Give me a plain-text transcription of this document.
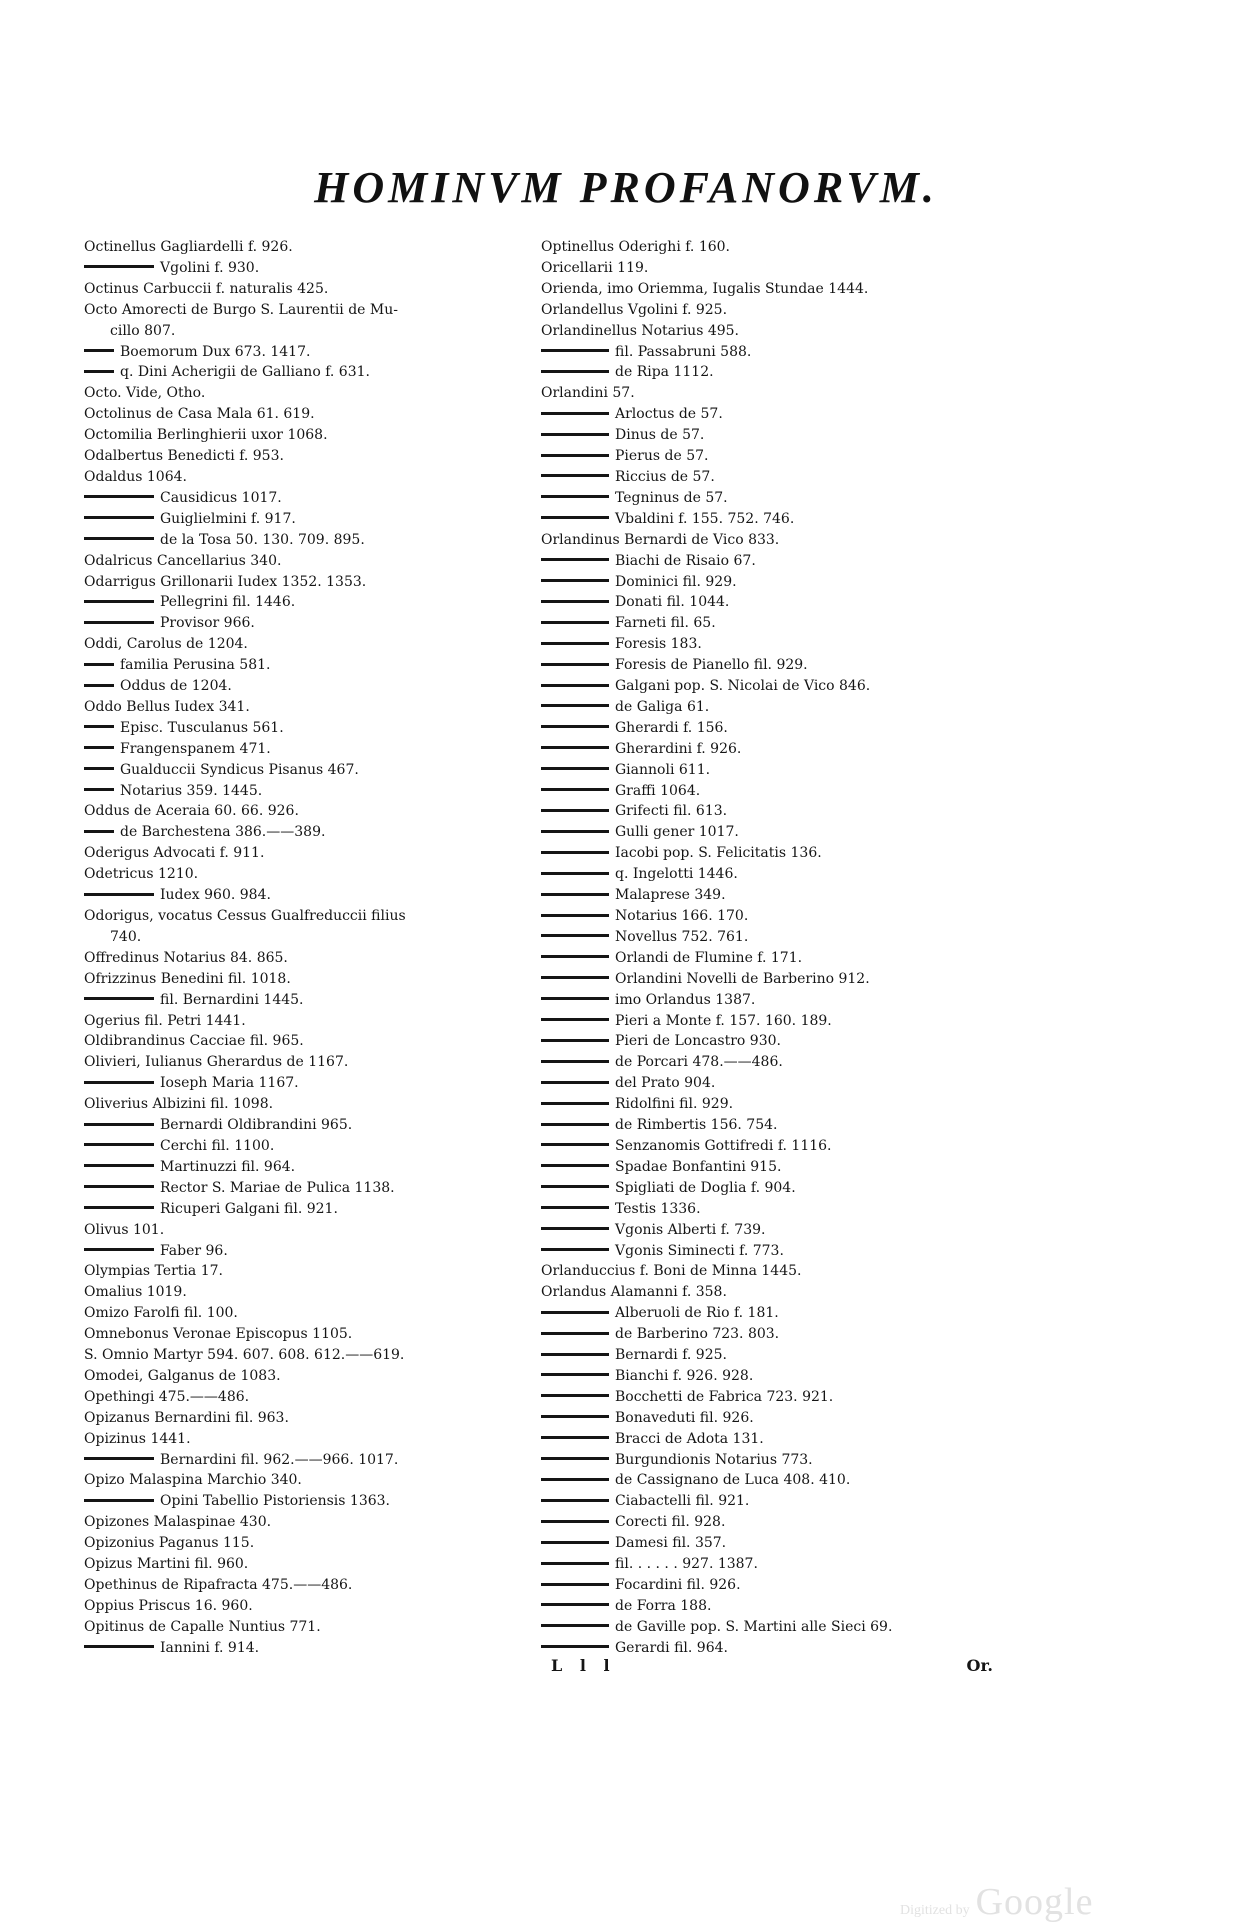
HOMINVM PROFANORVM.
Octinellus Gagliardelli f. 926.
Vgolini f. 930.
Octinus Carbuccii f. naturalis 425.
Octo Amorecti de Burgo S. Laurentii de Mu-
cillo 807.
Boemorum Dux 673. 1417.
q. Dini Acherigii de Galliano f. 631.
Octo. Vide, Otho.
Octolinus de Casa Mala 61. 619.
Octomilia Berlinghierii uxor 1068.
Odalbertus Benedicti f. 953.
Odaldus 1064.
Causidicus 1017.
Guiglielmini f. 917.
de la Tosa 50. 130. 709. 895.
Odalricus Cancellarius 340.
Odarrigus Grillonarii Iudex 1352. 1353.
Pellegrini fil. 1446.
Provisor 966.
Oddi, Carolus de 1204.
familia Perusina 581.
Oddus de 1204.
Oddo Bellus Iudex 341.
Episc. Tusculanus 561.
Frangenspanem 471.
Gualduccii Syndicus Pisanus 467.
Notarius 359. 1445.
Oddus de Aceraia 60. 66. 926.
de Barchestena 386.——389.
Oderigus Advocati f. 911.
Odetricus 1210.
Iudex 960. 984.
Odorigus, vocatus Cessus Gualfreduccii filius
740.
Offredinus Notarius 84. 865.
Ofrizzinus Benedini fil. 1018.
fil. Bernardini 1445.
Ogerius fil. Petri 1441.
Oldibrandinus Cacciae fil. 965.
Olivieri, Iulianus Gherardus de 1167.
Ioseph Maria 1167.
Oliverius Albizini fil. 1098.
Bernardi Oldibrandini 965.
Cerchi fil. 1100.
Martinuzzi fil. 964.
Rector S. Mariae de Pulica 1138.
Ricuperi Galgani fil. 921.
Olivus 101.
Faber 96.
Olympias Tertia 17.
Omalius 1019.
Omizo Farolfi fil. 100.
Omnebonus Veronae Episcopus 1105.
S. Omnio Martyr 594. 607. 608. 612.——619.
Omodei, Galganus de 1083.
Opethingi 475.——486.
Opizanus Bernardini fil. 963.
Opizinus 1441.
Bernardini fil. 962.——966. 1017.
Opizo Malaspina Marchio 340.
Opini Tabellio Pistoriensis 1363.
Opizones Malaspinae 430.
Opizonius Paganus 115.
Opizus Martini fil. 960.
Opethinus de Ripafracta 475.——486.
Oppius Priscus 16. 960.
Opitinus de Capalle Nuntius 771.
Iannini f. 914.
Optinellus Oderighi f. 160.
Oricellarii 119.
Orienda, imo Oriemma, Iugalis Stundae 1444.
Orlandellus Vgolini f. 925.
Orlandinellus Notarius 495.
fil. Passabruni 588.
de Ripa 1112.
Orlandini 57.
Arloctus de 57.
Dinus de 57.
Pierus de 57.
Riccius de 57.
Tegninus de 57.
Vbaldini f. 155. 752. 746.
Orlandinus Bernardi de Vico 833.
Biachi de Risaio 67.
Dominici fil. 929.
Donati fil. 1044.
Farneti fil. 65.
Foresis 183.
Foresis de Pianello fil. 929.
Galgani pop. S. Nicolai de Vico 846.
de Galiga 61.
Gherardi f. 156.
Gherardini f. 926.
Giannoli 611.
Graffi 1064.
Grifecti fil. 613.
Gulli gener 1017.
Iacobi pop. S. Felicitatis 136.
q. Ingelotti 1446.
Malaprese 349.
Notarius 166. 170.
Novellus 752. 761.
Orlandi de Flumine f. 171.
Orlandini Novelli de Barberino 912.
imo Orlandus 1387.
Pieri a Monte f. 157. 160. 189.
Pieri de Loncastro 930.
de Porcari 478.——486.
del Prato 904.
Ridolfini fil. 929.
de Rimbertis 156. 754.
Senzanomis Gottifredi f. 1116.
Spadae Bonfantini 915.
Spigliati de Doglia f. 904.
Testis 1336.
Vgonis Alberti f. 739.
Vgonis Siminecti f. 773.
Orlanduccius f. Boni de Minna 1445.
Orlandus Alamanni f. 358.
Alberuoli de Rio f. 181.
de Barberino 723. 803.
Bernardi f. 925.
Bianchi f. 926. 928.
Bocchetti de Fabrica 723. 921.
Bonaveduti fil. 926.
Bracci de Adota 131.
Burgundionis Notarius 773.
de Cassignano de Luca 408. 410.
Ciabactelli fil. 921.
Corecti fil. 928.
Damesi fil. 357.
fil. . . . . . 927. 1387.
Focardini fil. 926.
de Forra 188.
de Gaville pop. S. Martini alle Sieci 69.
Gerardi fil. 964.
L l l	Or.
Digitized by Google
